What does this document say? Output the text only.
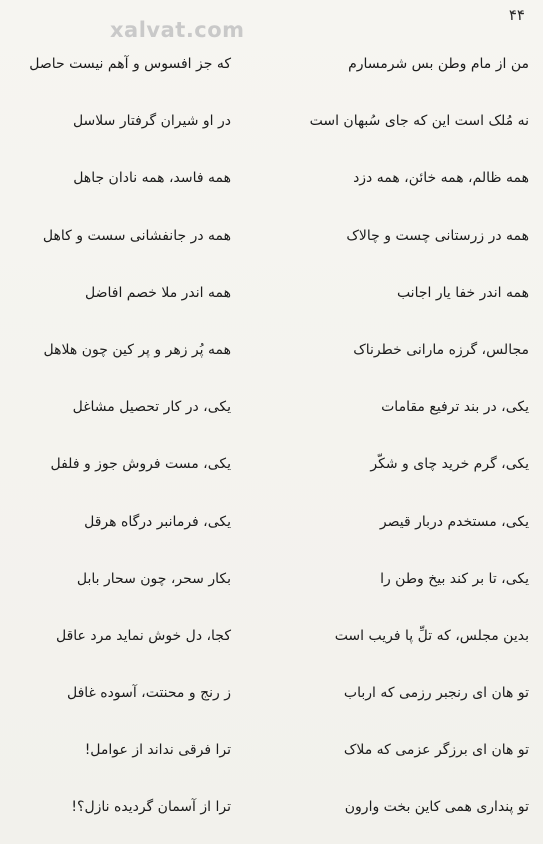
xalvat.com
۴۴
من از مام وطن بس شرمسارم
که جز افسوس و آهم نیست حاصل
نه مُلک است این که جای سُبهان است
در او شیران گرفتار سلاسل
همه ظالم، همه خائن، همه دزد
همه فاسد، همه نادان جاهل
همه در زرستانی چست و چالاک
همه در جانفشانی سست و کاهل
همه اندر خفا یار اجانب
همه اندر ملا خصم افاضل
مجالس، گرزه مارانی خطرناک
همه پُر زهر و پر کین چون هلاهل
یکی، در بند ترفیع مقامات
یکی، در کار تحصیل مشاغل
یکی، گرم خرید چای و شکّر
یکی، مست فروش جوز و فلفل
یکی، مستخدم دربار قیصر
یکی، فرمانبر درگاه هرقل
یکی، تا بر کند بیخ وطن را
بکار سحر، چون سحار بابل
بدین مجلس، که تلِّ پا فریب است
کجا، دل خوش نماید مرد عاقل
تو هان ای رنجبر رزمی که ارباب
ز رنج و محنتت، آسوده غافل
تو هان ای برزگر عزمی که ملاک
ترا فرقی نداند از عوامل!
تو پنداری همی کاین بخت وارون
ترا از آسمان گردیده نازل؟!
